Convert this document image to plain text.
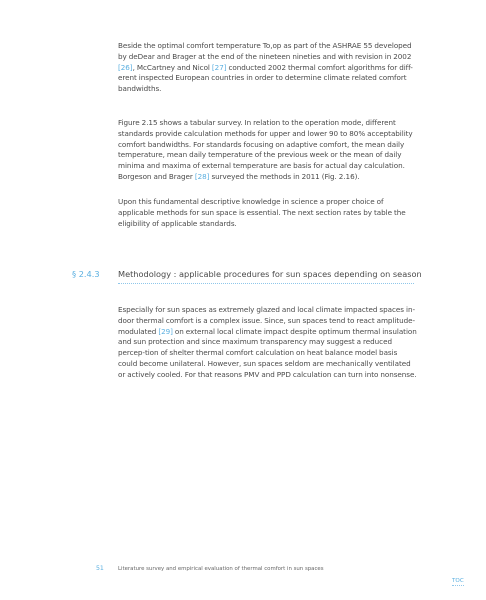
Beside the optimal comfort temperature To,op as part of the ASHRAE 55 developed by deDear and Brager at the end of the nineteen nineties and with revision in 2002 [26], McCartney and Nicol [27] conducted 2002 thermal comfort algorithms for diff-erent inspected European countries in order to determine climate related comfort bandwidths.

Figure 2.15 shows a tabular survey. In relation to the operation mode, different standards provide calculation methods for upper and lower 90 to 80% acceptability comfort bandwidths. For standards focusing on adaptive comfort, the mean daily temperature, mean daily temperature of the previous week or the mean of daily minima and maxima of external temperature are basis for actual day calculation. Borgeson and Brager [28] surveyed the methods in 2011 (Fig. 2.16).

Upon this fundamental descriptive knowledge in science a proper choice of applicable methods for sun space is essential. The next section rates by table the eligibility of applicable standards.

§ 2.4.3 Methodology : applicable procedures for sun spaces depending on season

Especially for sun spaces as extremely glazed and local climate impacted spaces in-door thermal comfort is a complex issue. Since, sun spaces tend to react amplitude-modulated [29] on external local climate impact despite optimum thermal insulation and sun protection and since maximum transparency may suggest a reduced percep-tion of shelter thermal comfort calculation on heat balance model basis could become unilateral. However, sun spaces seldom are mechanically ventilated or actively cooled. For that reasons PMV and PPD calculation can turn into nonsense.

51	Literature survey and empirical evaluation of thermal comfort in sun spaces
TOC
